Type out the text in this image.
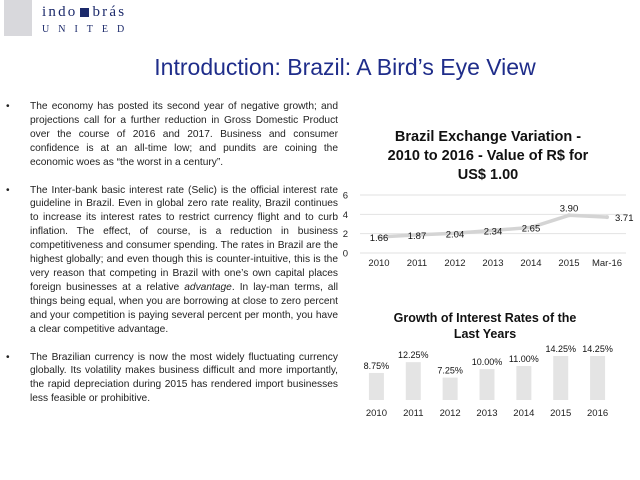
indo brás
UNITED
Introduction: Brazil: A Bird’s Eye View
• The economy has posted its second year of negative growth; and projections call for a further reduction in Gross Domestic Product over the course of 2016 and 2017. Business and consumer confidence is at an all-time low; and pundits are coining the economic woes as “the worst in a century”.
• The Inter-bank basic interest rate (Selic) is the official interest rate guideline in Brazil. Even in global zero rate reality, Brazil continues to increase its interest rates to restrict currency flight and to curb inflation. The effect, of course, is a reduction in business competitiveness and consumer spending. The rates in Brazil are the highest globally; and even though this is counter-intuitive, this is the very reason that competing in Brazil with one’s own capital places foreign businesses at a relative advantage. In lay-man terms, all things being equal, when you are borrowing at close to zero percent and your competition is paying several percent per month, you have a clear competitive advantage.
• The Brazilian currency is now the most widely fluctuating currency globally. Its volatility makes business difficult and more importantly, the rapid depreciation during 2015 has rendered import businesses less feasible or prohibitive.
Brazil Exchange Variation -
2010 to 2016 - Value of R$ for
US$ 1.00
0
2
4
6
1.66 1.87 2.04 2.34 2.65
3.90
3.71
2010 2011 2012 2013 2014 2015 Mar-16
Growth of Interest Rates of the
Last Years
8.75%
2010
12.25%
2011
7.25%
2012
10.00%
2013
11.00%
2014
14.25%
2015
14.25%
2016
